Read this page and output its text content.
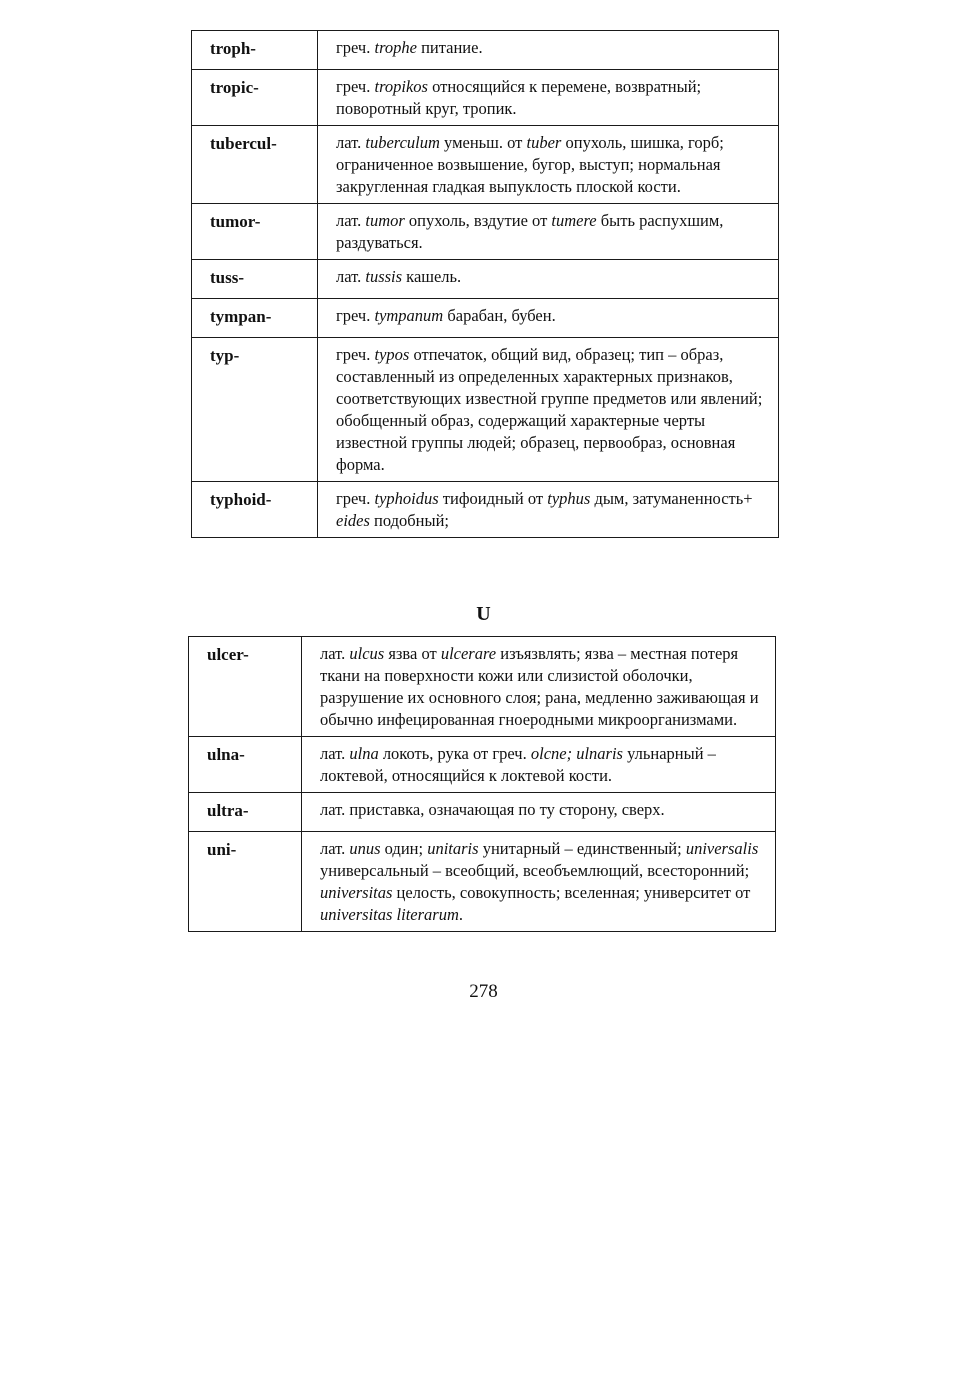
troph-	греч. trophe питание.
tropic-	греч. tropikos относящийся к перемене, возвратный; поворотный круг, тропик.
tubercul-	лат. tuberculum уменьш. от tuber опухоль, шишка, горб; ограниченное возвышение, бугор, выступ; нормальная закругленная гладкая выпуклость плоской кости.
tumor-	лат. tumor опухоль, вздутие от tumere быть распухшим, раздуваться.
tuss-	лат. tussis кашель.
tympan-	греч. tympanum барабан, бубен.
typ-	греч. typos отпечаток, общий вид, образец; тип – образ, составленный из определенных характерных признаков, соответствующих известной группе предметов или явлений; обобщенный образ, содержащий характерные черты известной группы людей; образец, первообраз, основная форма.
typhoid-	греч. typhoidus тифоидный от typhus дым, затуманенность+ eides подобный;
U
ulcer-	лат. ulcus язва от ulcerare изъязвлять; язва – местная потеря ткани на поверхности кожи или слизистой оболочки, разрушение их основного слоя; рана, медленно заживающая и обычно инфецированная гноеродными микроорганизмами.
ulna-	лат. ulna локоть, рука от греч. olcne; ulnaris ульнарный – локтевой, относящийся к локтевой кости.
ultra-	лат. приставка, означающая по ту сторону, сверх.
uni-	лат. unus один; unitaris унитарный – единственный; universalis универсальный – всеобщий, всеобъемлющий, всесторонний; universitas целость, совокупность; вселенная; университет от universitas literarum.
278
